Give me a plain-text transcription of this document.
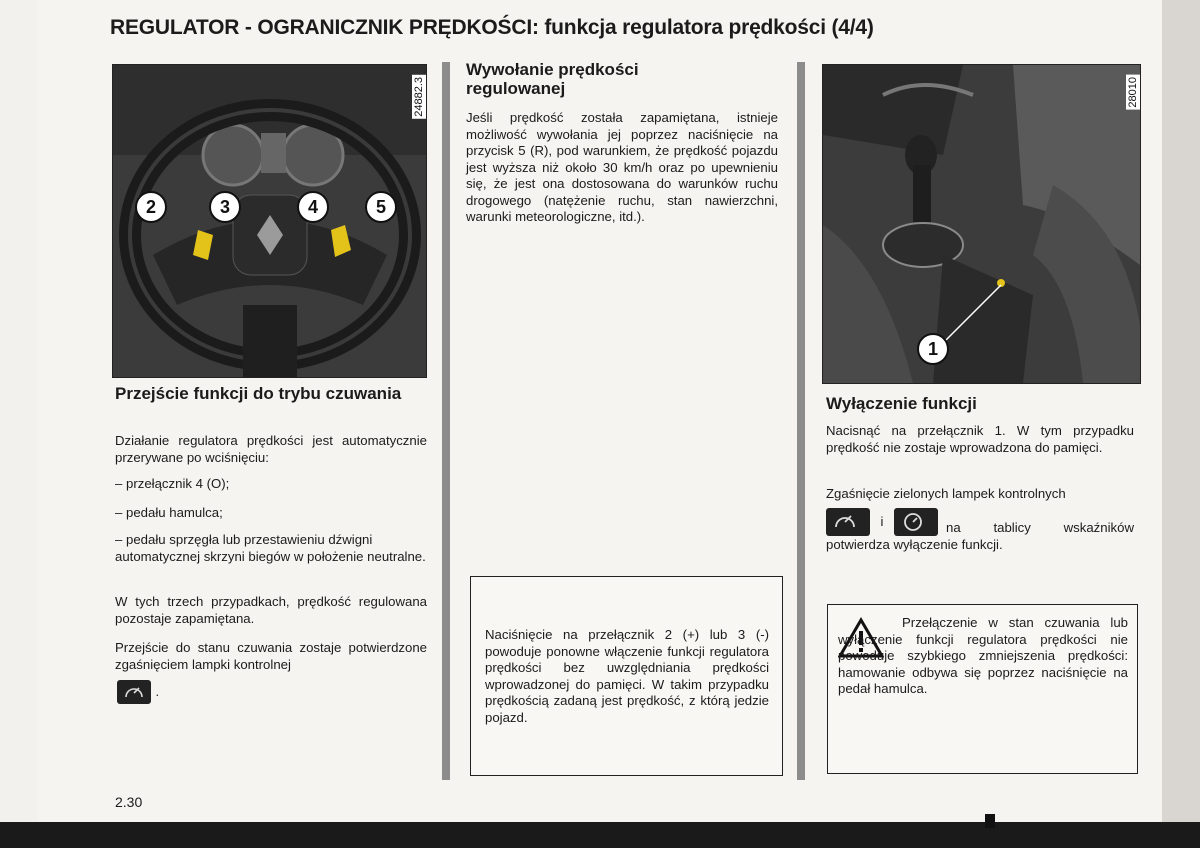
REGULATOR - OGRANICZNIK PRĘDKOŚCI: funkcja regulatora prędkości (4/4)
24882.3
2	3	4	5
Przejście funkcji do trybu czuwania

Działanie regulatora prędkości jest automatycznie przerywane po wciśnięciu:

– przełącznik 4 (O);
– pedału hamulca;
– pedału sprzęgła lub przestawieniu dźwigni automatycznej skrzyni biegów w położenie neutralne.

W tych trzech przypadkach, prędkość regulowana pozostaje zapamiętana.

Przejście do stanu czuwania zostaje potwierdzone zgaśnięciem lampki kontrolnej

.
Wywołanie prędkości regulowanej

Jeśli prędkość została zapamiętana, istnieje możliwość wywołania jej poprzez naciśnięcie na przycisk 5 (R), pod warunkiem, że prędkość pojazdu jest wyższa niż około 30 km/h oraz po upewnieniu się, że jest ona dostosowana do warunków ruchu drogowego (natężenie ruchu, stan nawierzchni, warunki meteorologiczne, itd.).

Naciśnięcie na przełącznik 2 (+) lub 3 (-) powoduje ponowne włączenie funkcji regulatora prędkości bez uwzględniania prędkości wprowadzonej do pamięci. W takim przypadku prędkością zadaną jest prędkość, z którą jedzie pojazd.

28010
1
Wyłączenie funkcji

Nacisnąć na przełącznik 1. W tym przypadku prędkość nie zostaje wprowadzona do pamięci.

Zgaśnięcie zielonych lampek kontrolnych

i	na tablicy wskaźników potwierdza wyłączenie funkcji.

Przełączenie w stan czuwania lub wyłączenie funkcji regulatora prędkości nie powoduje szybkiego zmniejszenia prędkości: hamowanie odbywa się poprzez naciśnięcie na pedał hamulca.

2.30
